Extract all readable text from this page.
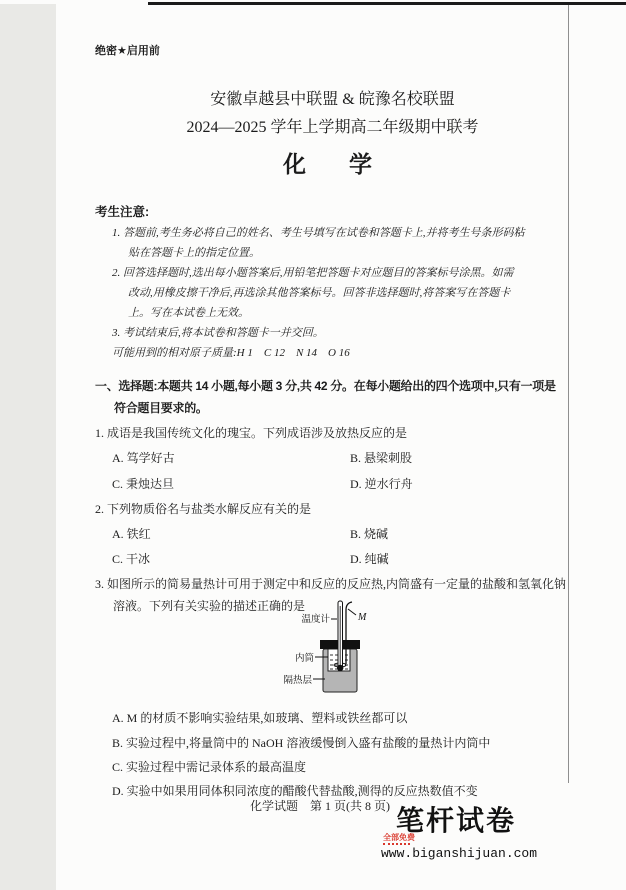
绝密★启用前
安徽卓越县中联盟 & 皖豫名校联盟
2024—2025 学年上学期高二年级期中联考
化　学
考生注意:
1. 答题前,考生务必将自己的姓名、考生号填写在试卷和答题卡上,并将考生号条形码粘
贴在答题卡上的指定位置。
2. 回答选择题时,选出每小题答案后,用铅笔把答题卡对应题目的答案标号涂黑。如需
改动,用橡皮擦干净后,再选涂其他答案标号。回答非选择题时,将答案写在答题卡
上。写在本试卷上无效。
3. 考试结束后,将本试卷和答题卡一并交回。
可能用到的相对原子质量:H 1　C 12　N 14　O 16
一、选择题:本题共 14 小题,每小题 3 分,共 42 分。在每小题给出的四个选项中,只有一项是
符合题目要求的。
1. 成语是我国传统文化的瑰宝。下列成语涉及放热反应的是
A. 笃学好古	B. 悬梁刺股
C. 秉烛达旦	D. 逆水行舟
2. 下列物质俗名与盐类水解反应有关的是
A. 铁红	B. 烧碱
C. 干冰	D. 纯碱
3. 如图所示的简易量热计可用于测定中和反应的反应热,内筒盛有一定量的盐酸和氢氧化钠
溶液。下列有关实验的描述正确的是
温度计	M
内筒
隔热层
A. M 的材质不影响实验结果,如玻璃、塑料或铁丝都可以
B. 实验过程中,将量筒中的 NaOH 溶液缓慢倒入盛有盐酸的量热计内筒中
C. 实验过程中需记录体系的最高温度
D. 实验中如果用同体积同浓度的醋酸代替盐酸,测得的反应热数值不变
化学试题　第 1 页(共 8 页) 笔杆试卷
全部免费
www.biganshijuan.com
